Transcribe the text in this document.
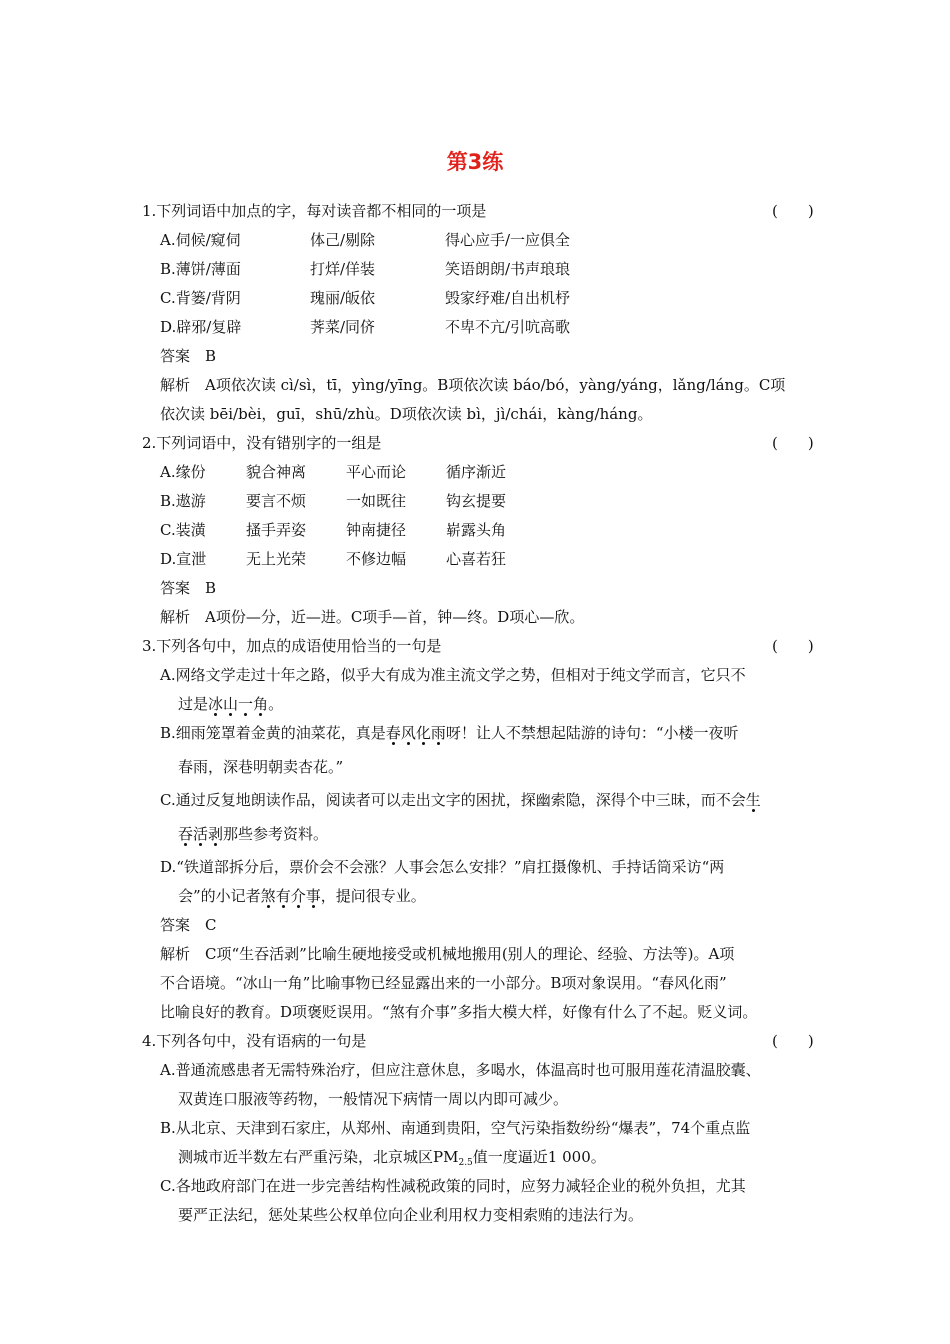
第3练
1.下列词语中加点的字，每对读音都不相同的一项是	(　　)
A.伺候/窥伺	体己/剔除	得心应手/一应俱全
B.薄饼/薄面	打烊/佯装	笑语朗朗/书声琅琅
C.背篓/背阴	瑰丽/皈依	毁家纾难/自出机杼
D.辟邪/复辟	荠菜/同侪	不卑不亢/引吭高歌
答案　B
解析　A项依次读 cì/sì，tī，yìng/yīng。B项依次读 báo/bó，yàng/yáng，lǎng/láng。C项
依次读 bēi/bèi，guī，shū/zhù。D项依次读 bì，jì/chái，kàng/háng。
2.下列词语中，没有错别字的一组是	(　　)
A.缘份	貌合神离	平心而论	循序渐近
B.遨游	要言不烦	一如既往	钩玄提要
C.装潢	搔手弄姿	钟南捷径	崭露头角
D.宣泄	无上光荣	不修边幅	心喜若狂
答案　B
解析　A项份—分，近—进。C项手—首，钟—终。D项心—欣。
3.下列各句中，加点的成语使用恰当的一句是	(　　)
A.网络文学走过十年之路，似乎大有成为准主流文学之势，但相对于纯文学而言，它只不
过是冰山一角。
B.细雨笼罩着金黄的油菜花，真是春风化雨呀！让人不禁想起陆游的诗句：“小楼一夜听
春雨，深巷明朝卖杏花。”
C.通过反复地朗读作品，阅读者可以走出文字的困扰，探幽索隐，深得个中三昧，而不会生
吞活剥那些参考资料。
D.“铁道部拆分后，票价会不会涨？人事会怎么安排？”肩扛摄像机、手持话筒采访“两
会”的小记者煞有介事，提问很专业。
答案　C
解析　C项“生吞活剥”比喻生硬地接受或机械地搬用(别人的理论、经验、方法等)。A项
不合语境。“冰山一角”比喻事物已经显露出来的一小部分。B项对象误用。“春风化雨”
比喻良好的教育。D项褒贬误用。“煞有介事”多指大模大样，好像有什么了不起。贬义词。
4.下列各句中，没有语病的一句是	(　　)
A.普通流感患者无需特殊治疗，但应注意休息，多喝水，体温高时也可服用莲花清温胶囊、
双黄连口服液等药物，一般情况下病情一周以内即可减少。
B.从北京、天津到石家庄，从郑州、南通到贵阳，空气污染指数纷纷“爆表”，74个重点监
测城市近半数左右严重污染，北京城区$PM_{2.5}$值一度逼近1 000。
C.各地政府部门在进一步完善结构性减税政策的同时，应努力减轻企业的税外负担，尤其
要严正法纪，惩处某些公权单位向企业利用权力变相索贿的违法行为。
